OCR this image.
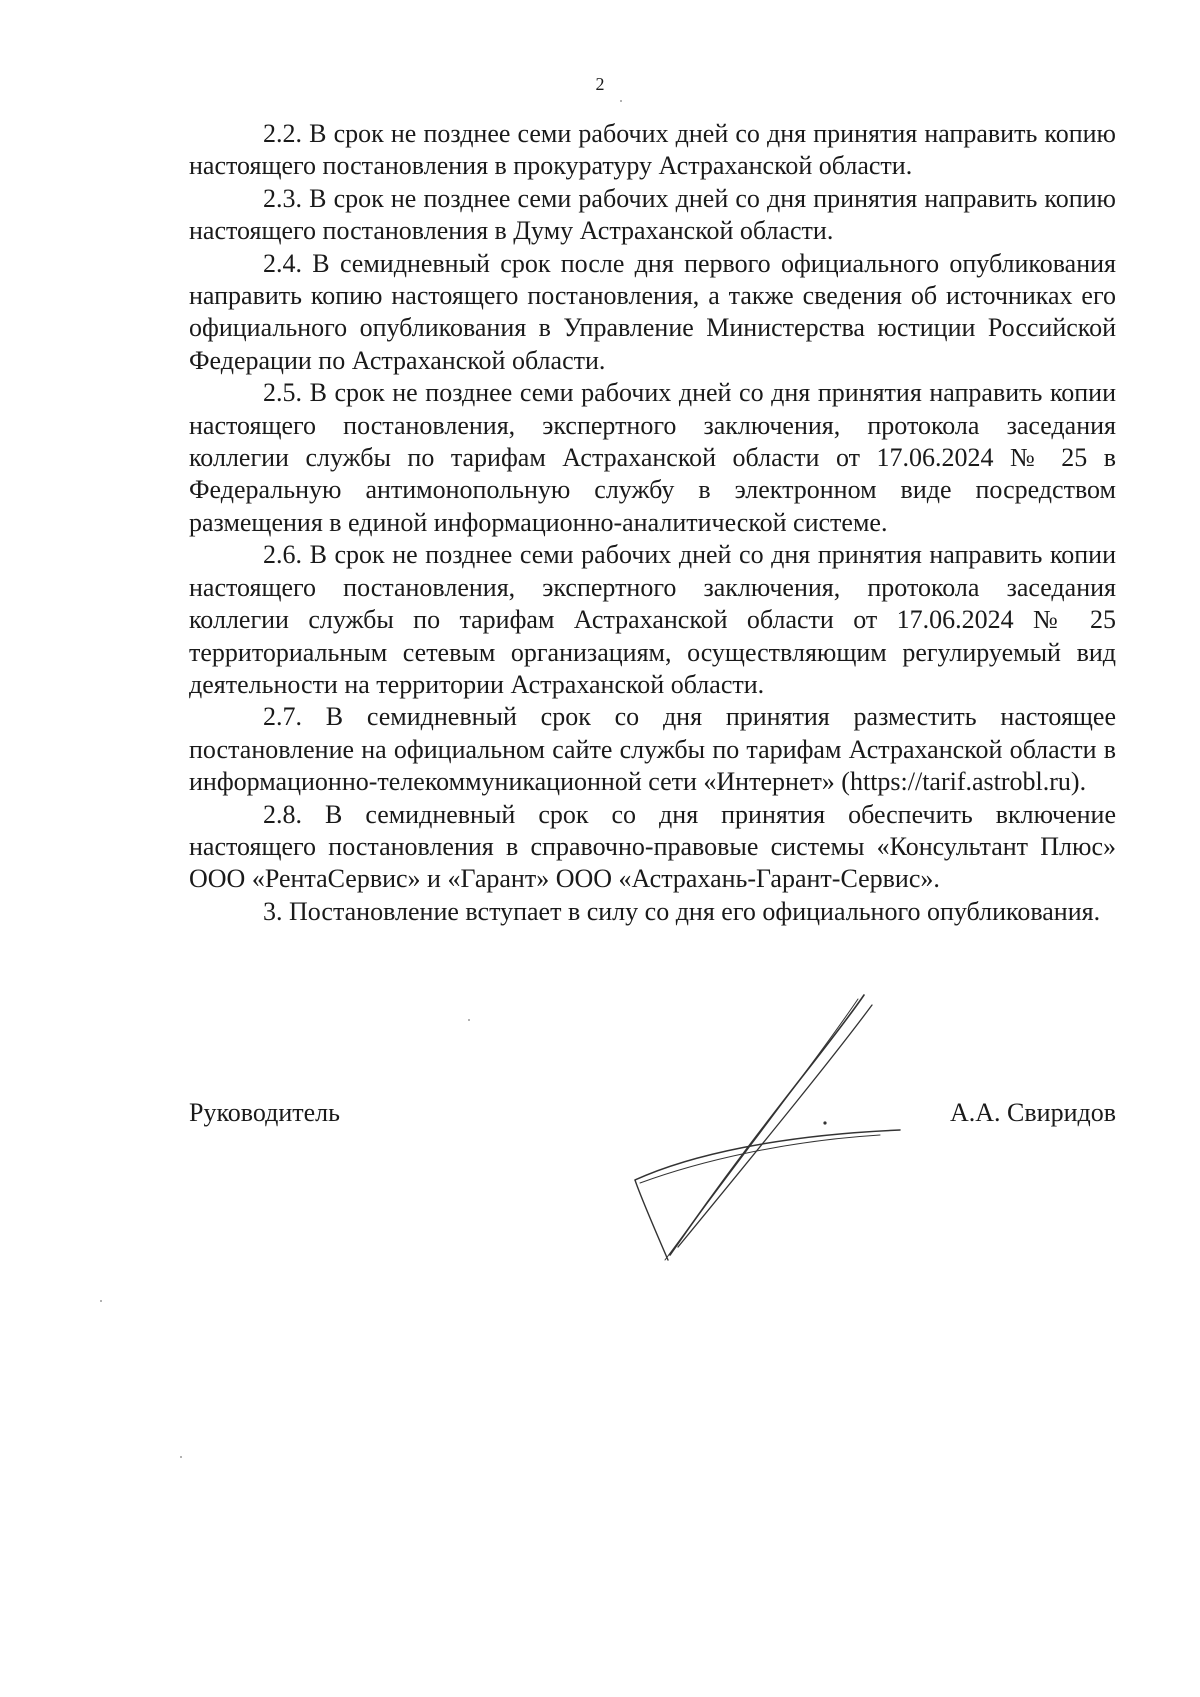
2

2.2. В срок не позднее семи рабочих дней со дня принятия направить копию настоящего постановления в прокуратуру Астраханской области.

2.3. В срок не позднее семи рабочих дней со дня принятия направить копию настоящего постановления в Думу Астраханской области.

2.4. В семидневный срок после дня первого официального опубликования направить копию настоящего постановления, а также сведения об источниках его официального опубликования в Управление Министерства юстиции Российской Федерации по Астраханской области.

2.5. В срок не позднее семи рабочих дней со дня принятия направить копии настоящего постановления, экспертного заключения, протокола заседания коллегии службы по тарифам Астраханской области от 17.06.2024 № 25 в Федеральную антимонопольную службу в электронном виде посредством размещения в единой информационно-аналитической системе.

2.6. В срок не позднее семи рабочих дней со дня принятия направить копии настоящего постановления, экспертного заключения, протокола заседания коллегии службы по тарифам Астраханской области от 17.06.2024 № 25 территориальным сетевым организациям, осуществляющим регулируемый вид деятельности на территории Астраханской области.

2.7. В семидневный срок со дня принятия разместить настоящее постановление на официальном сайте службы по тарифам Астраханской области в информационно-телекоммуникационной сети «Интернет» (https://tarif.astrobl.ru).

2.8. В семидневный срок со дня принятия обеспечить включение настоящего постановления в справочно-правовые системы «Консультант Плюс» ООО «РентаСервис» и «Гарант» ООО «Астрахань-Гарант-Сервис».

3. Постановление вступает в силу со дня его официального опубликования.

Руководитель	А.А. Свиридов
